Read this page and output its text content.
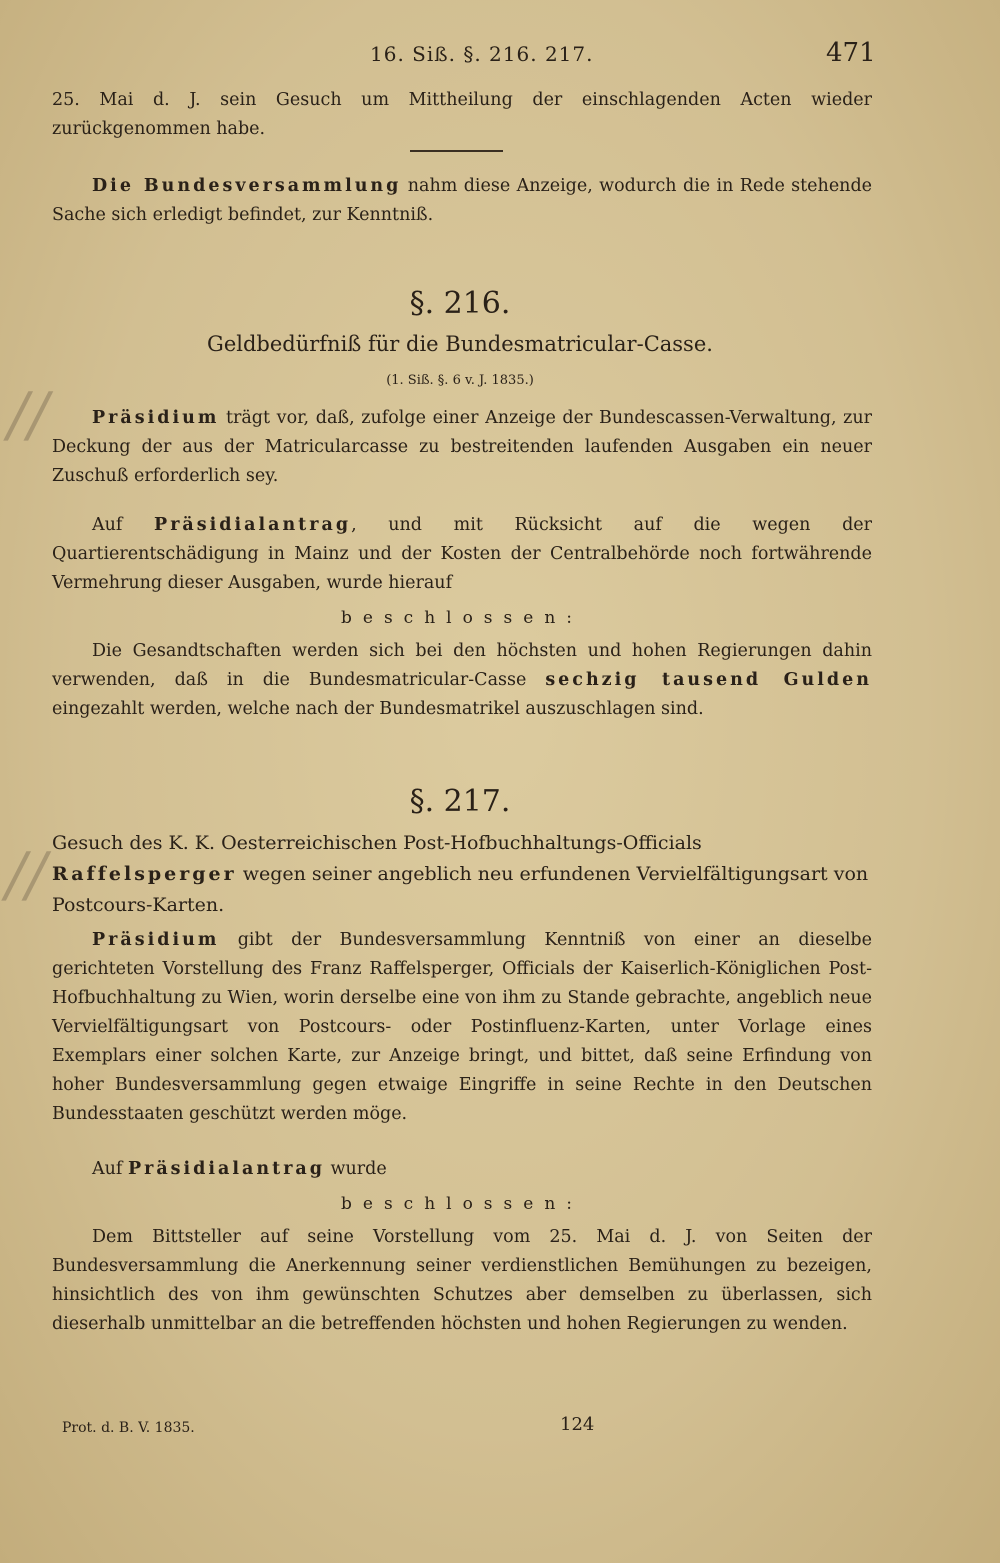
16. Siß. §. 216. 217.	471

25. Mai d. J. sein Gesuch um Mittheilung der einschlagenden Acten wieder zurückgenommen habe.

Die Bundesversammlung nahm diese Anzeige, wodurch die in Rede stehende Sache sich erledigt befindet, zur Kenntniß.

§. 216.
Geldbedürfniß für die Bundesmatricular-Casse.
(1. Siß. §. 6 v. J. 1835.)

Präsidium trägt vor, daß, zufolge einer Anzeige der Bundescassen-Verwaltung, zur Deckung der aus der Matricularcasse zu bestreitenden laufenden Ausgaben ein neuer Zuschuß erforderlich sey.

Auf Präsidialantrag, und mit Rücksicht auf die wegen der Quartierentschädigung in Mainz und der Kosten der Centralbehörde noch fortwährende Vermehrung dieser Ausgaben, wurde hierauf

beschlossen:

Die Gesandtschaften werden sich bei den höchsten und hohen Regierungen dahin verwenden, daß in die Bundesmatricular-Casse sechzig tausend Gulden eingezahlt werden, welche nach der Bundesmatrikel auszuschlagen sind.

§. 217.

Gesuch des K. K. Oesterreichischen Post-Hofbuchhaltungs-Officials Raffelsperger wegen seiner angeblich neu erfundenen Vervielfältigungsart von Postcours-Karten.

Präsidium gibt der Bundesversammlung Kenntniß von einer an dieselbe gerichteten Vorstellung des Franz Raffelsperger, Officials der Kaiserlich-Königlichen Post-Hofbuchhaltung zu Wien, worin derselbe eine von ihm zu Stande gebrachte, angeblich neue Vervielfältigungsart von Postcours- oder Postinfluenz-Karten, unter Vorlage eines Exemplars einer solchen Karte, zur Anzeige bringt, und bittet, daß seine Erfindung von hoher Bundesversammlung gegen etwaige Eingriffe in seine Rechte in den Deutschen Bundesstaaten geschützt werden möge.

Auf Präsidialantrag wurde

beschlossen:

Dem Bittsteller auf seine Vorstellung vom 25. Mai d. J. von Seiten der Bundesversammlung die Anerkennung seiner verdienstlichen Bemühungen zu bezeigen, hinsichtlich des von ihm gewünschten Schutzes aber demselben zu überlassen, sich dieserhalb unmittelbar an die betreffenden höchsten und hohen Regierungen zu wenden.

Prot. d. B. V. 1835.	124
∕∕
∕∕
